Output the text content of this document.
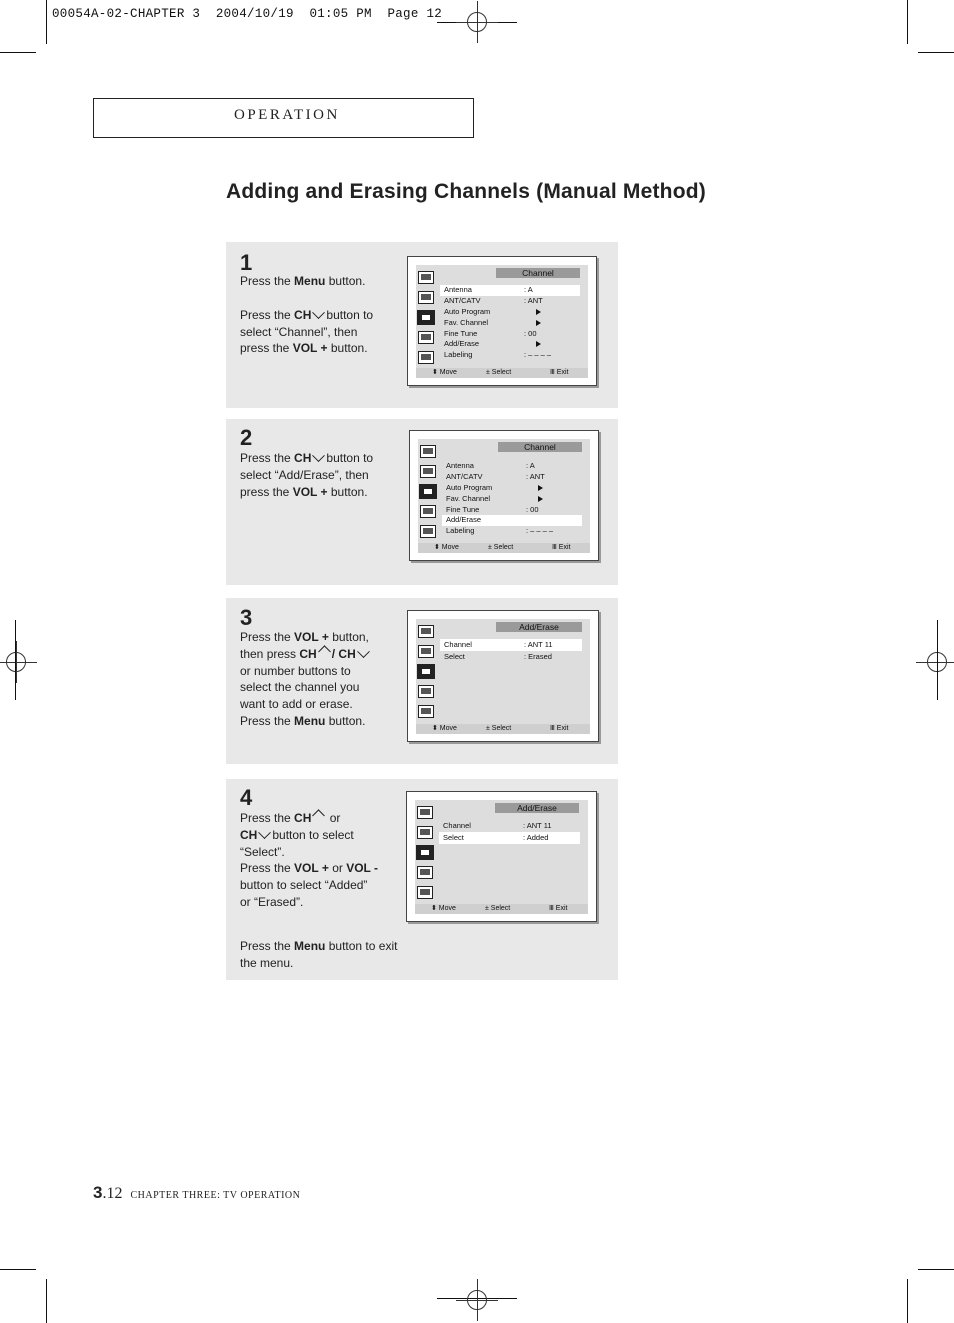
00054A-02-CHAPTER 3  2004/10/19  01:05 PM  Page 12
OPERATION
Adding and Erasing Channels (Manual Method)
1
Press the Menu button.
Press the CH button to
select “Channel”, then
press the VOL + button.
Channel
Antenna	: A
ANT/CATV	: ANT
Auto Program
Fav. Channel
Fine Tune	: 00
Add/Erase
Labeling	: – – – –
⬍ Move	± Select	Ⅲ Exit
2
Press the CH button to
select “Add/Erase”, then
press the VOL + button.
Channel
Antenna	: A
ANT/CATV	: ANT
Auto Program
Fav. Channel
Fine Tune	: 00
Add/Erase
Labeling	: – – – –
⬍ Move	± Select	Ⅲ Exit
3
Press the VOL + button,
then press CH / CH
or number buttons to
select the channel you
want to add or erase.
Press the Menu button.
Add/Erase
Channel	: ANT 11
Select	: Erased
⬍ Move	± Select	Ⅲ Exit
4
Press the CH or
CH button to select
“Select”.
Press the VOL + or VOL -
button to select “Added”
or “Erased”.
Press the Menu button to exit
the menu.
Add/Erase
Channel	: ANT 11
Select	: Added
⬍ Move	± Select	Ⅲ Exit
3.12 CHAPTER THREE: TV OPERATION
